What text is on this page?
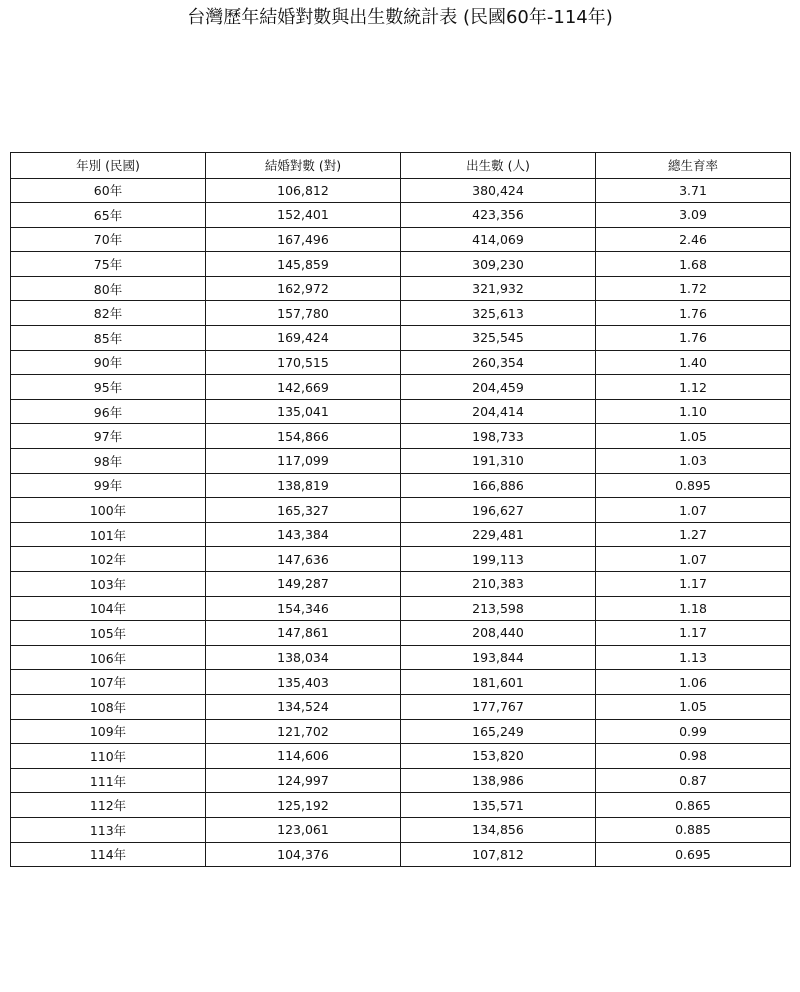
台灣歷年結婚對數與出生數統計表 (民國60年-114年)
年別 (民國)	結婚對數 (對)	出生數 (人)	總生育率
60年	106,812	380,424	3.71
65年	152,401	423,356	3.09
70年	167,496	414,069	2.46
75年	145,859	309,230	1.68
80年	162,972	321,932	1.72
82年	157,780	325,613	1.76
85年	169,424	325,545	1.76
90年	170,515	260,354	1.40
95年	142,669	204,459	1.12
96年	135,041	204,414	1.10
97年	154,866	198,733	1.05
98年	117,099	191,310	1.03
99年	138,819	166,886	0.895
100年	165,327	196,627	1.07
101年	143,384	229,481	1.27
102年	147,636	199,113	1.07
103年	149,287	210,383	1.17
104年	154,346	213,598	1.18
105年	147,861	208,440	1.17
106年	138,034	193,844	1.13
107年	135,403	181,601	1.06
108年	134,524	177,767	1.05
109年	121,702	165,249	0.99
110年	114,606	153,820	0.98
111年	124,997	138,986	0.87
112年	125,192	135,571	0.865
113年	123,061	134,856	0.885
114年	104,376	107,812	0.695
